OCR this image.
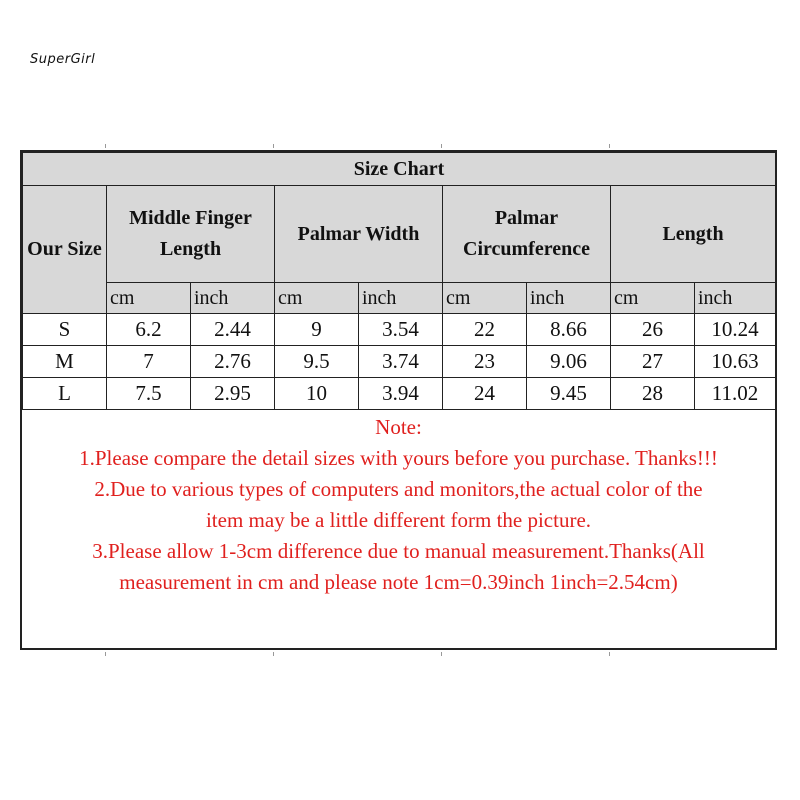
SuperGirl
Size Chart								
Our Size	Middle Finger Length		Palmar Width		Palmar Circumference		Length	
	cm	inch	cm	inch	cm	inch	cm	inch
S	6.2	2.44	9	3.54	22	8.66	26	10.24
M	7	2.76	9.5	3.74	23	9.06	27	10.63
L	7.5	2.95	10	3.94	24	9.45	28	11.02
Note:
1.Please compare the detail sizes with yours before you purchase. Thanks!!!
2.Due to various types of computers and monitors,the actual color of the
item may be a little different form the picture.
3.Please allow 1-3cm difference due to manual measurement.Thanks(All
measurement in cm and please note 1cm=0.39inch 1inch=2.54cm)
